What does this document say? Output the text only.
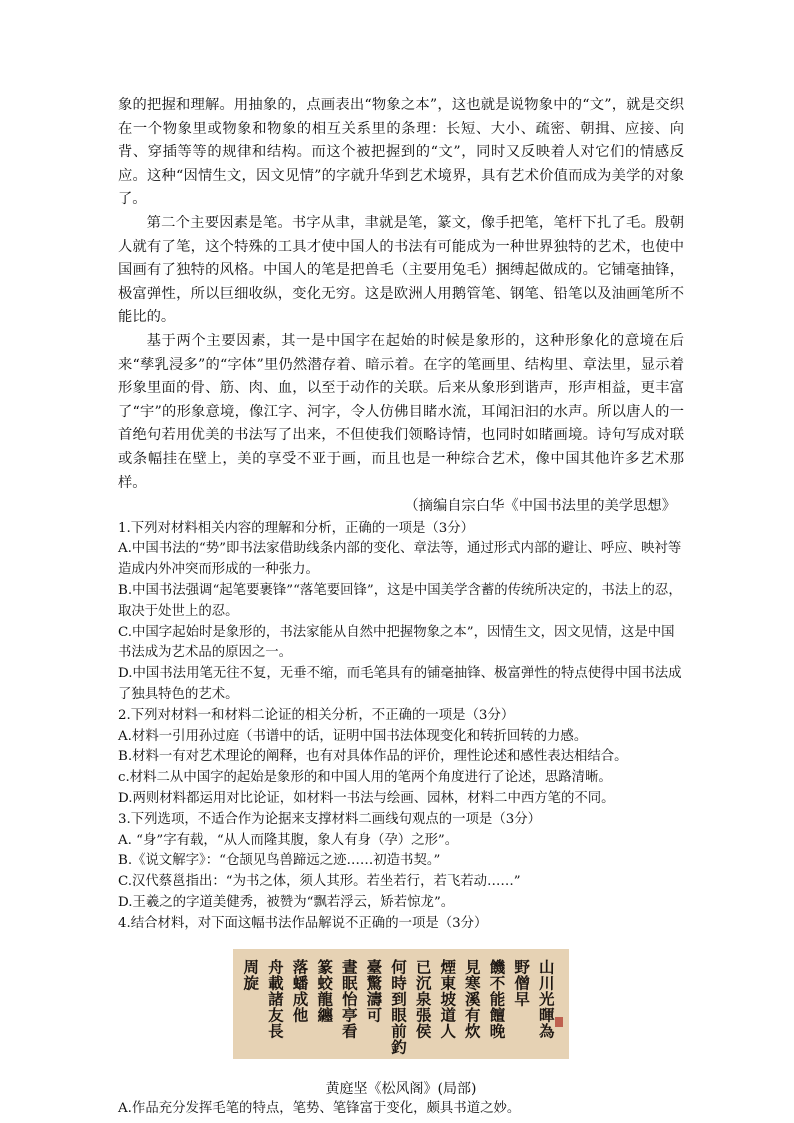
象的把握和理解。用抽象的，点画表出“物象之本”，这也就是说物象中的“文”，就是交织在一个物象里或物象和物象的相互关系里的条理：长短、大小、疏密、朝揖、应接、向背、穿插等等的规律和结构。而这个被把握到的“文”，同时又反映着人对它们的情感反应。这种“因情生文，因文见情”的字就升华到艺术境界，具有艺术价值而成为美学的对象了。

第二个主要因素是笔。书字从聿，聿就是笔，篆文，像手把笔，笔杆下扎了毛。殷朝人就有了笔，这个特殊的工具才使中国人的书法有可能成为一种世界独特的艺术，也使中国画有了独特的风格。中国人的笔是把兽毛（主要用兔毛）捆缚起做成的。它铺毫抽锋，极富弹性，所以巨细收纵，变化无穷。这是欧洲人用鹅管笔、钢笔、铅笔以及油画笔所不能比的。

基于两个主要因素，其一是中国字在起始的时候是象形的，这种形象化的意境在后来“孳乳浸多”的“字体”里仍然潜存着、暗示着。在字的笔画里、结构里、章法里，显示着形象里面的骨、筋、肉、血，以至于动作的关联。后来从象形到谐声，形声相益，更丰富了“宇”的形象意境，像江字、河字，令人仿佛目睹水流，耳闻汩汩的水声。所以唐人的一首绝句若用优美的书法写了出来，不但使我们领略诗情，也同时如睹画境。诗句写成对联或条幅挂在壁上，美的享受不亚于画，而且也是一种综合艺术，像中国其他许多艺术那样。

（摘编自宗白华《中国书法里的美学思想》

1.下列对材料相关内容的理解和分析，正确的一项是（3分）

A.中国书法的“势”即书法家借助线条内部的变化、章法等，通过形式内部的避让、呼应、映衬等造成内外冲突而形成的一种张力。

B.中国书法强调“起笔要裹锋”“落笔要回锋”，这是中国美学含蓄的传统所决定的，书法上的忍，取决于处世上的忍。

C.中国字起始时是象形的，书法家能从自然中把握物象之本”，因情生文，因文见情，这是中国书法成为艺术品的原因之一。

D.中国书法用笔无往不复，无垂不缩，而毛笔具有的铺毫抽锋、极富弹性的特点使得中国书法成了独具特色的艺术。

2.下列对材料一和材料二论证的相关分析，不正确的一项是（3分）

A.材料一引用孙过庭（书谱中的话，证明中国书法体现变化和转折回转的力感。

B.材料一有对艺术理论的阐释，也有对具体作品的评价，理性论述和感性表达相结合。

c.材料二从中国字的起始是象形的和中国人用的笔两个角度进行了论述，思路清晰。

D.两则材料都运用对比论证，如材料一书法与绘画、园林，材料二中西方笔的不同。

3.下列选项，不适合作为论据来支撑材料二画线句观点的一项是（3分）

A. “身”字有载，“从人而隆其腹，象人有身（孕）之形”。

B.《说文解字》：“仓颉见鸟兽蹄远之迹……初造书契。”

C.汉代蔡邕指出：“为书之体，须人其形。若坐若行，若飞若动……”

D.王羲之的字道美健秀，被赞为“飘若浮云，矫若惊龙”。

4.结合材料，对下面这幅书法作品解说不正确的一项是（3分）

山川光暉為
野僧早
饑不能饘晚
見寒溪有炊
煙東坡道人
已沉泉張侯
何時到眼前釣
臺驚濤可
晝眠怡亭看
篆蛟龍纏
落蟠成他
舟載諸友長
周旋
黄庭坚《松风阁》(局部)

A.作品充分发挥毛笔的特点，笔势、笔锋富于变化，颇具书道之妙。
